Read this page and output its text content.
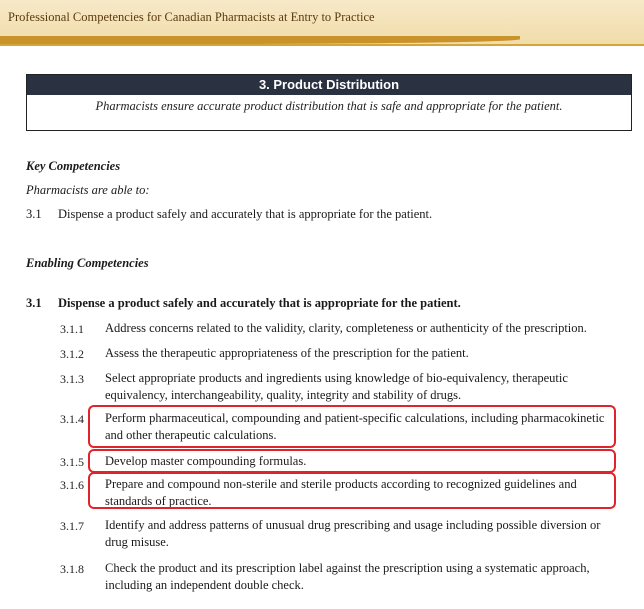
Professional Competencies for Canadian Pharmacists at Entry to Practice
3. Product Distribution
Pharmacists ensure accurate product distribution that is safe and appropriate for the patient.
Key Competencies
Pharmacists are able to:
3.1 Dispense a product safely and accurately that is appropriate for the patient.
Enabling Competencies
3.1 Dispense a product safely and accurately that is appropriate for the patient.
3.1.1 Address concerns related to the validity, clarity, completeness or authenticity of the prescription.
3.1.2 Assess the therapeutic appropriateness of the prescription for the patient.
3.1.3 Select appropriate products and ingredients using knowledge of bio-equivalency, therapeutic equivalency, interchangeability, quality, integrity and stability of drugs.
3.1.4 Perform pharmaceutical, compounding and patient-specific calculations, including pharmacokinetic and other therapeutic calculations.
3.1.5 Develop master compounding formulas.
3.1.6 Prepare and compound non-sterile and sterile products according to recognized guidelines and standards of practice.
3.1.7 Identify and address patterns of unusual drug prescribing and usage including possible diversion or drug misuse.
3.1.8 Check the product and its prescription label against the prescription using a systematic approach, including an independent double check.
